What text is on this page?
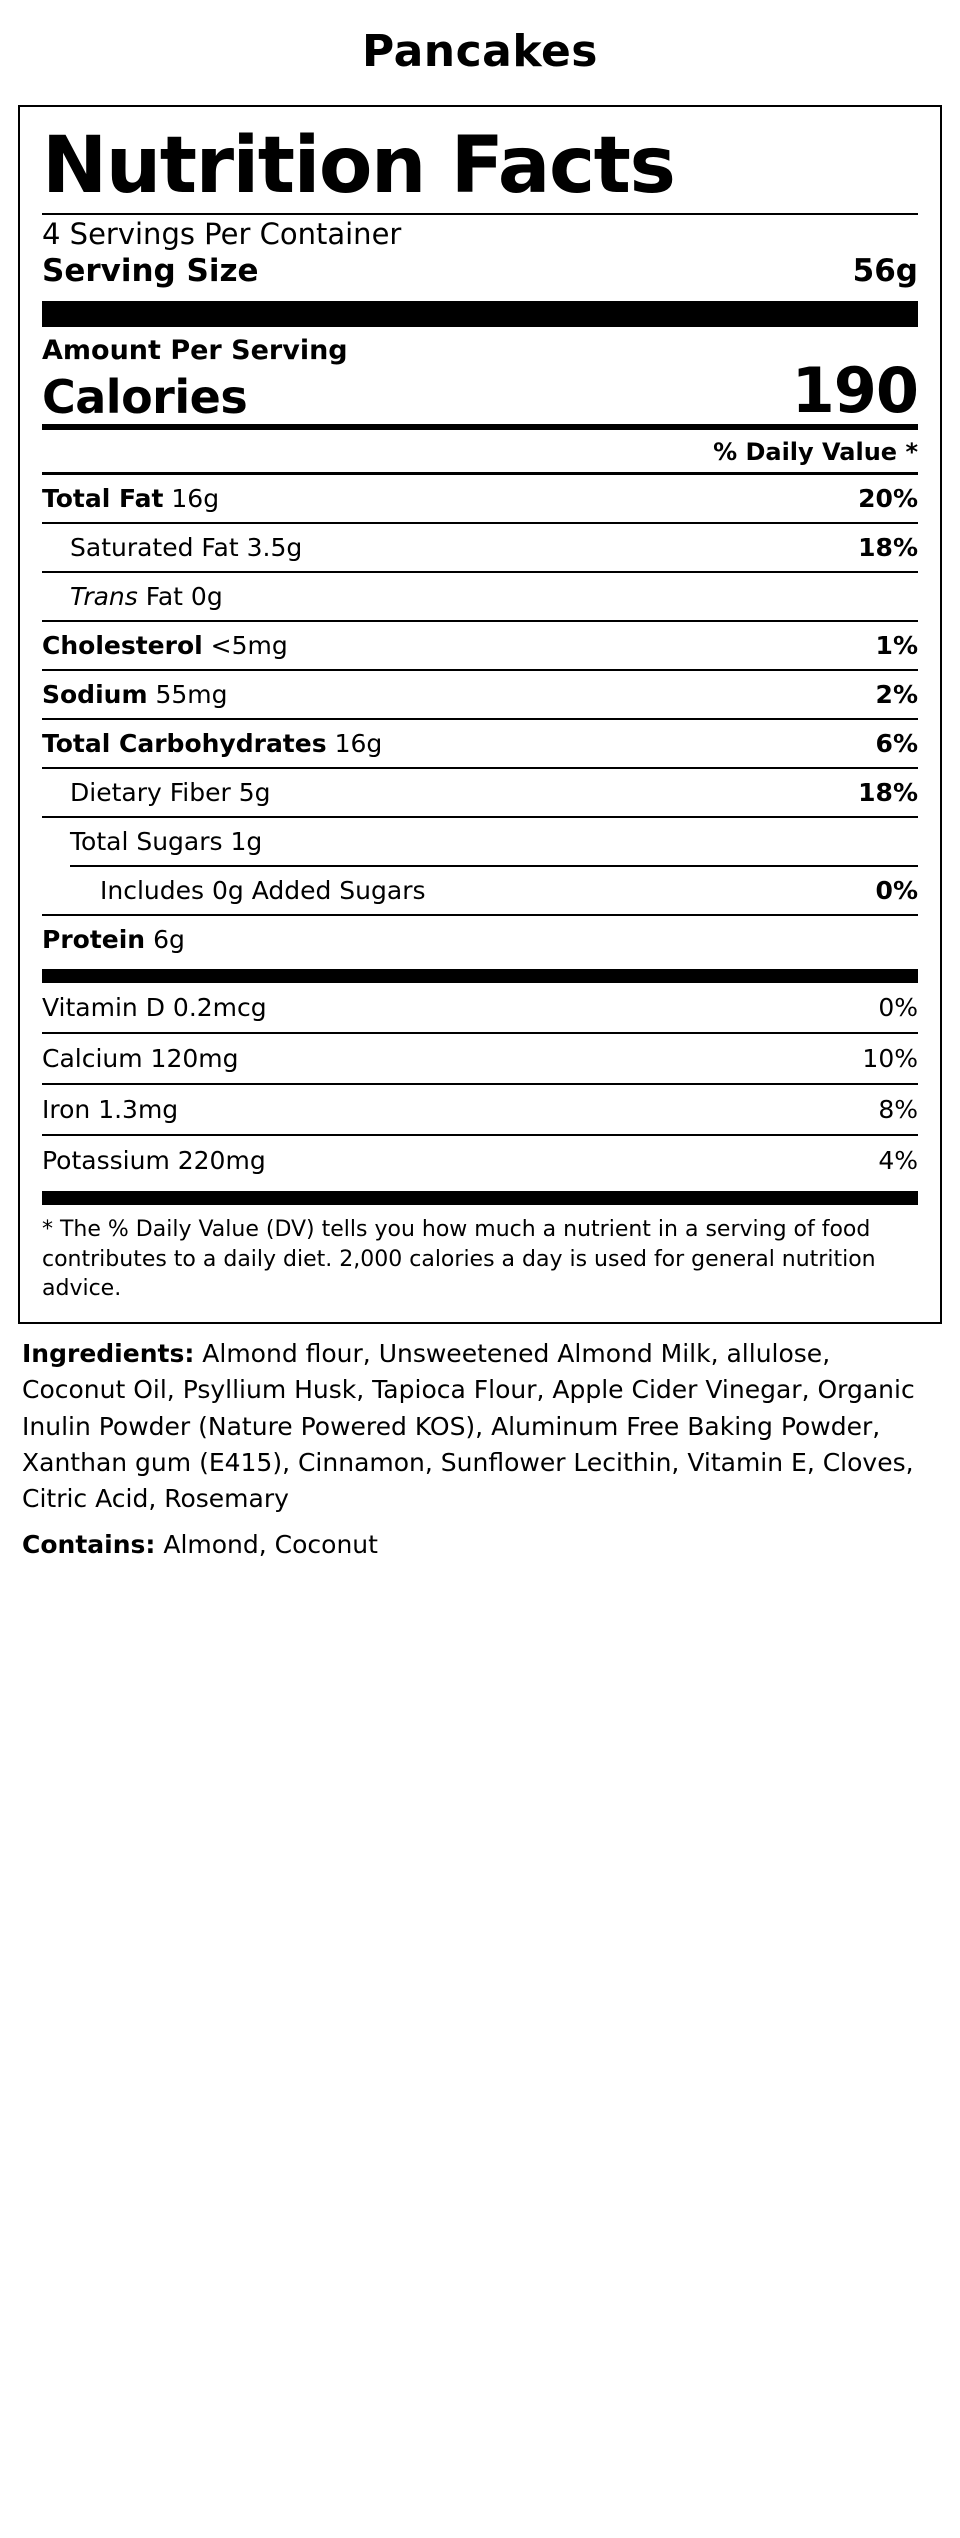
Pancakes
Nutrition Facts
4 Servings Per Container
Serving Size	56g
Amount Per Serving
Calories	190
% Daily Value *
Total Fat 16g	20%
Saturated Fat 3.5g	18%
Trans Fat 0g
Cholesterol <5mg	1%
Sodium 55mg	2%
Total Carbohydrates 16g	6%
Dietary Fiber 5g	18%
Total Sugars 1g
Includes 0g Added Sugars	0%
Protein 6g
Vitamin D 0.2mcg	0%
Calcium 120mg	10%
Iron 1.3mg	8%
Potassium 220mg	4%
* The % Daily Value (DV) tells you how much a nutrient in a serving of food contributes to a daily diet. 2,000 calories a day is used for general nutrition advice.
Ingredients: Almond flour, Unsweetened Almond Milk, allulose, Coconut Oil, Psyllium Husk, Tapioca Flour, Apple Cider Vinegar, Organic Inulin Powder (Nature Powered KOS), Aluminum Free Baking Powder, Xanthan gum (E415), Cinnamon, Sunflower Lecithin, Vitamin E, Cloves, Citric Acid, Rosemary
Contains: Almond, Coconut
